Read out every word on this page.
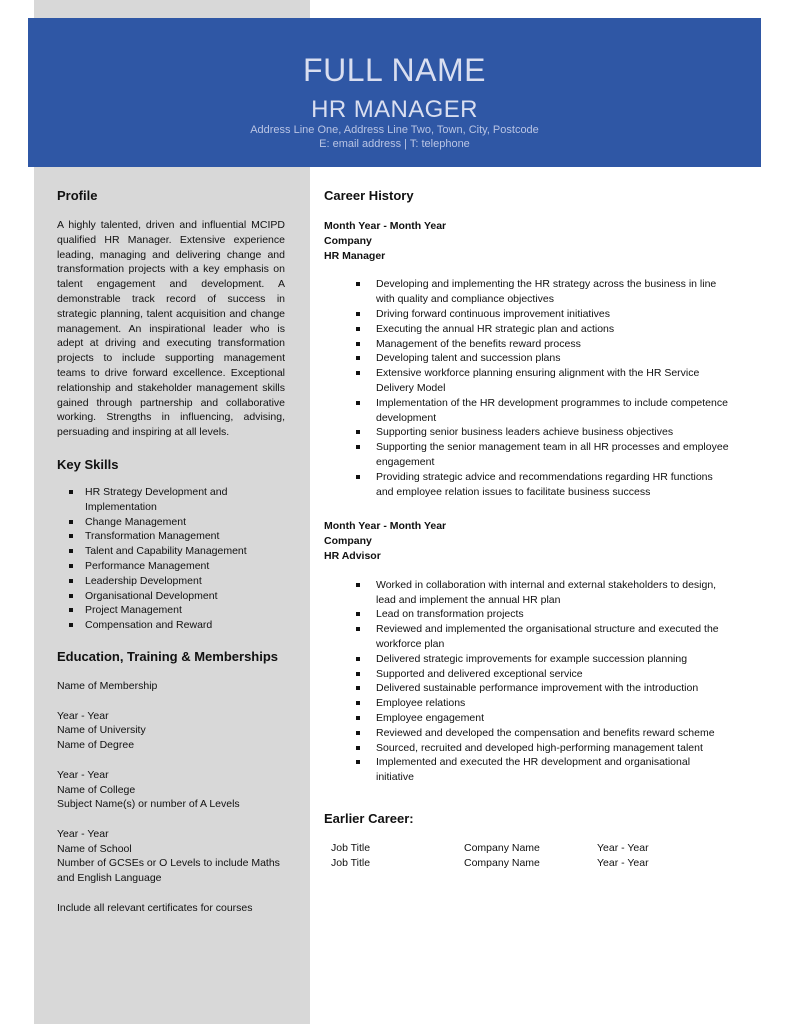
FULL NAME
HR MANAGER
Address Line One, Address Line Two, Town, City, Postcode
E: email address | T: telephone
Profile
A highly talented, driven and influential MCIPD qualified HR Manager. Extensive experience leading, managing and delivering change and transformation projects with a key emphasis on talent engagement and development. A demonstrable track record of success in strategic planning, talent acquisition and change management. An inspirational leader who is adept at driving and executing transformation projects to include supporting management teams to drive forward excellence. Exceptional relationship and stakeholder management skills gained through partnership and collaborative working. Strengths in influencing, advising, persuading and inspiring at all levels.
Key Skills
HR Strategy Development and Implementation
Change Management
Transformation Management
Talent and Capability Management
Performance Management
Leadership Development
Organisational Development
Project Management
Compensation and Reward
Education, Training & Memberships
Name of Membership
Year - Year
Name of University
Name of Degree
Year - Year
Name of College
Subject Name(s) or number of A Levels
Year - Year
Name of School
Number of GCSEs or O Levels to include Maths and English Language
Include all relevant certificates for courses
Career History
Month Year - Month Year
Company
HR Manager
Developing and implementing the HR strategy across the business in line with quality and compliance objectives
Driving forward continuous improvement initiatives
Executing the annual HR strategic plan and actions
Management of the benefits reward process
Developing talent and succession plans
Extensive workforce planning ensuring alignment with the HR Service Delivery Model
Implementation of the HR development programmes to include competence development
Supporting senior business leaders achieve business objectives
Supporting the senior management team in all HR processes and employee engagement
Providing strategic advice and recommendations regarding HR functions and employee relation issues to facilitate business success
Month Year - Month Year
Company
HR Advisor
Worked in collaboration with internal and external stakeholders to design, lead and implement the annual HR plan
Lead on transformation projects
Reviewed and implemented the organisational structure and executed the workforce plan
Delivered strategic improvements for example succession planning
Supported and delivered exceptional service
Delivered sustainable performance improvement with the introduction
Employee relations
Employee engagement
Reviewed and developed the compensation and benefits reward scheme
Sourced, recruited and developed high-performing management talent
Implemented and executed the HR development and organisational initiative
Earlier Career:
Job Title	Company Name	Year - Year
Job Title	Company Name	Year - Year
